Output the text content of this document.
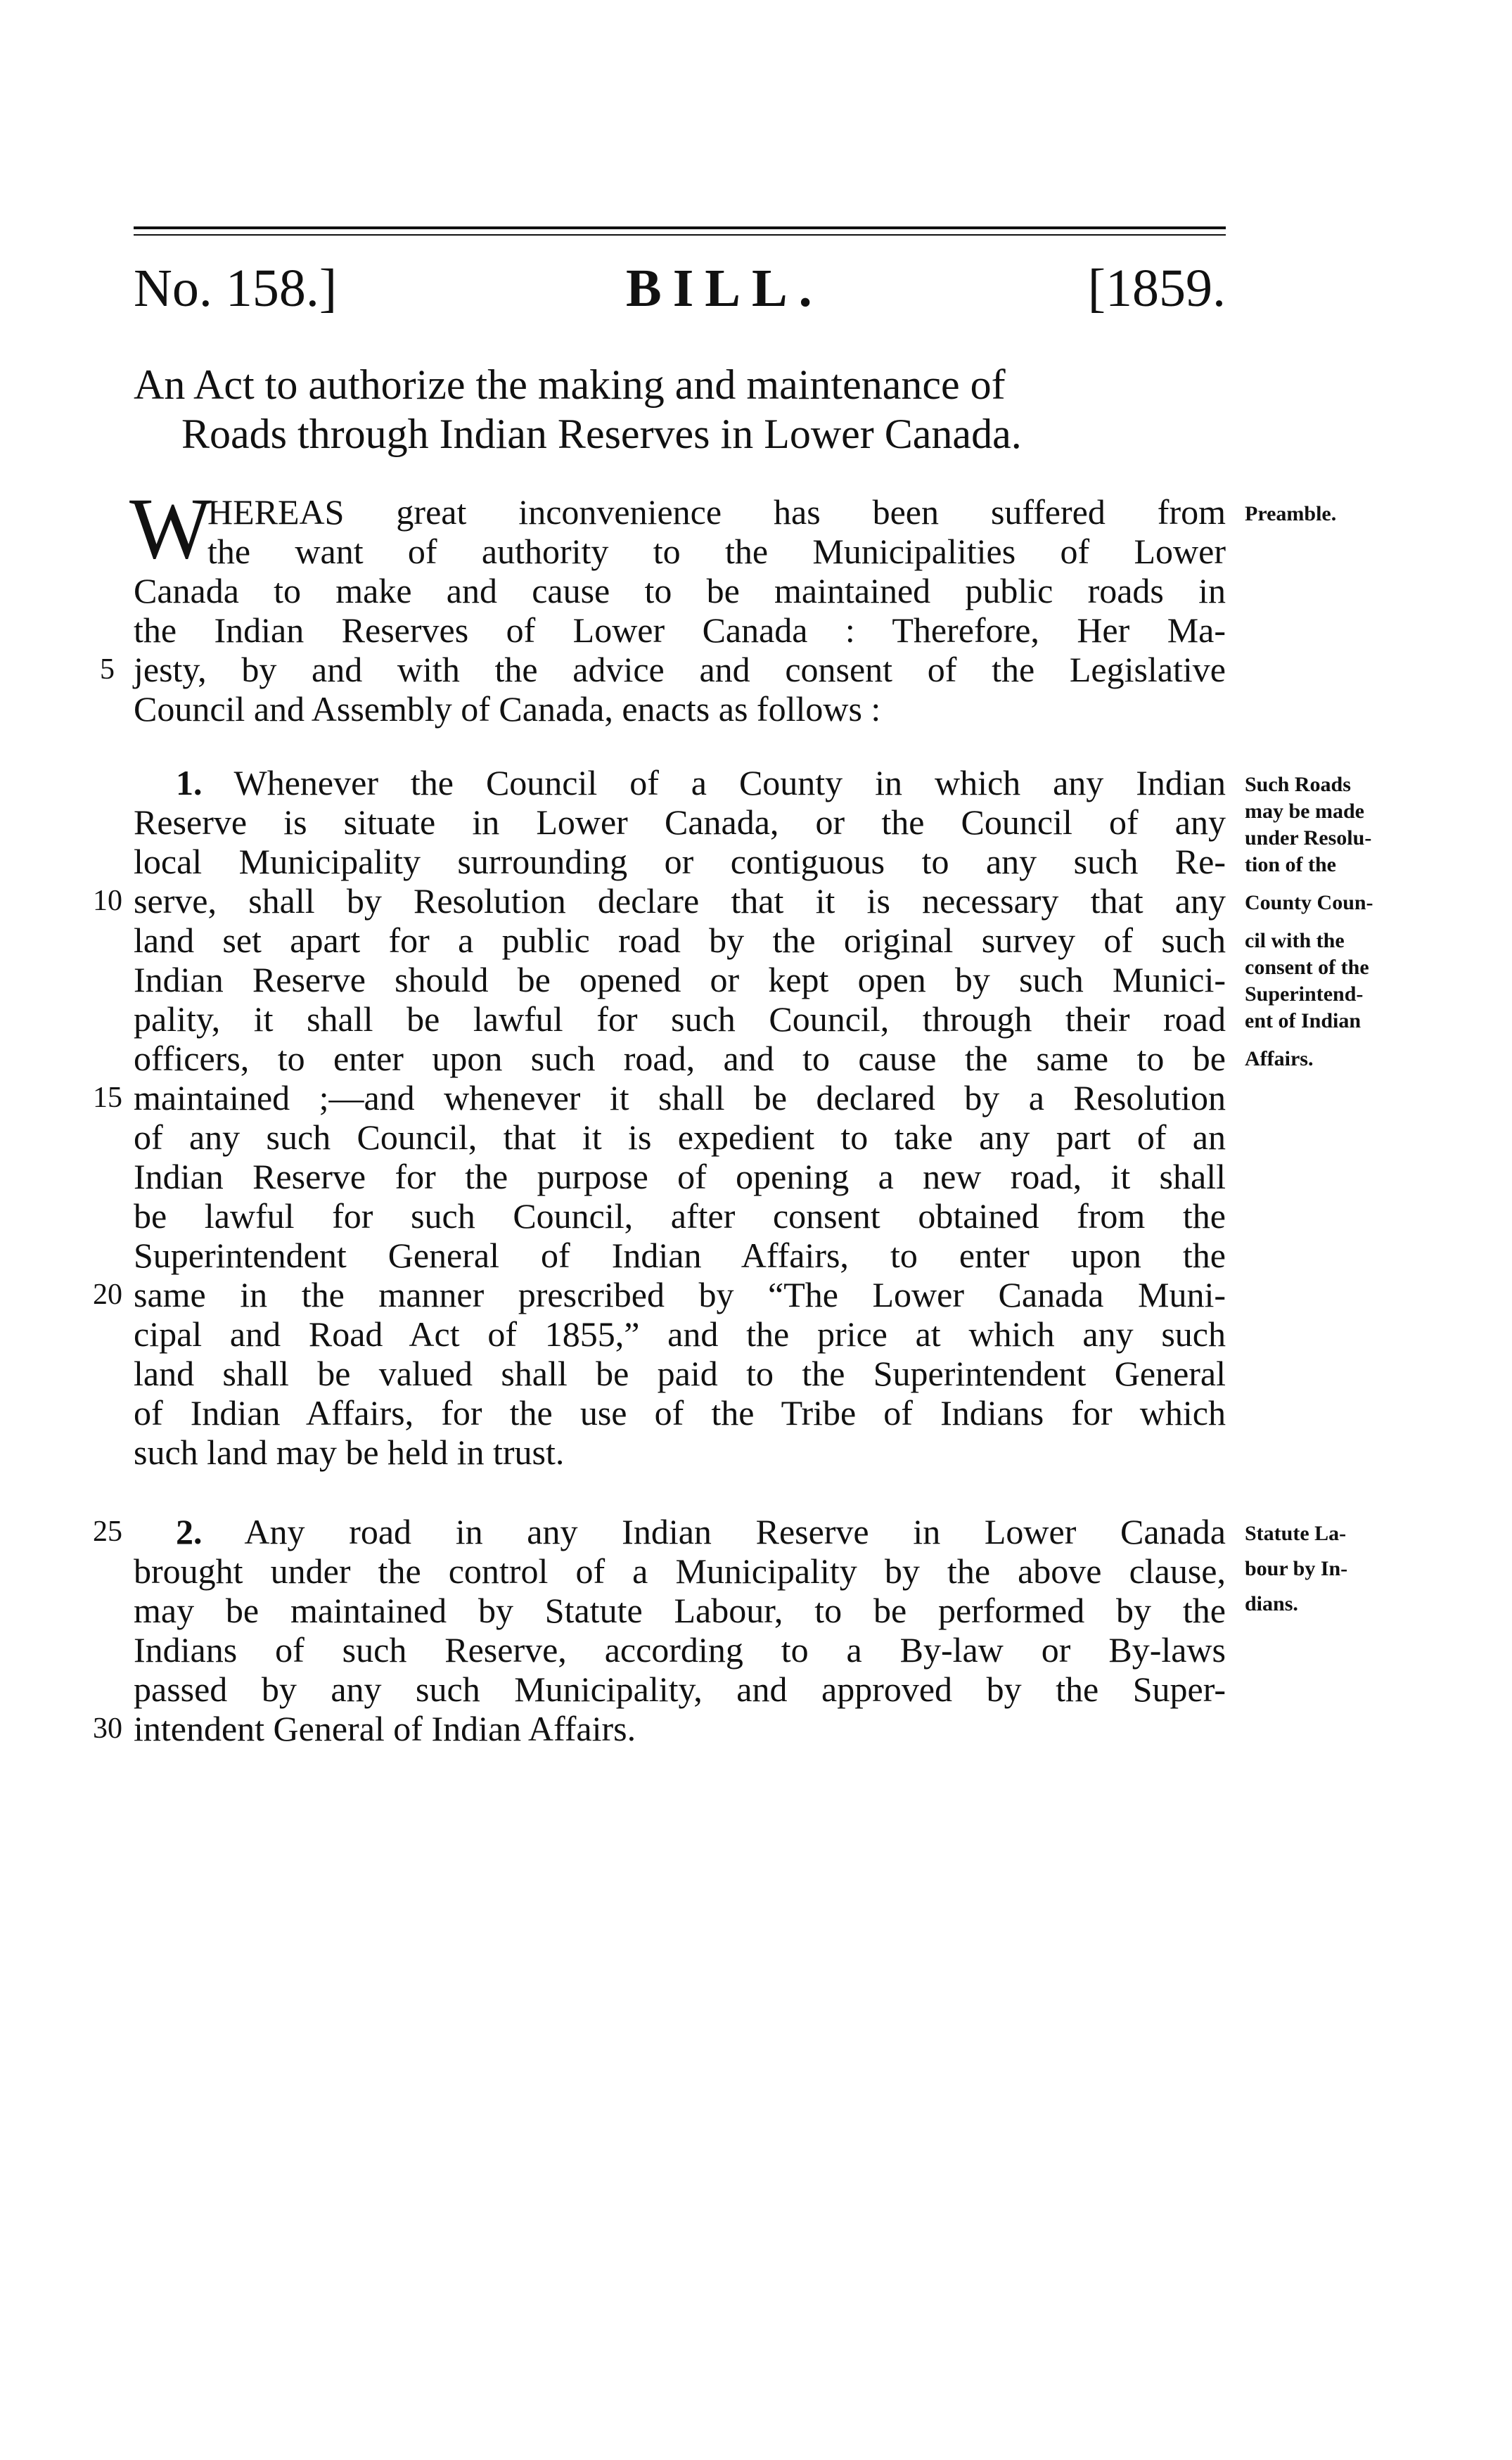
No. 158.]	BILL.	[1859.
An Act to authorize the making and maintenance of
Roads through Indian Reserves in Lower Canada.
W
HEREAS great inconvenience has been suffered from
the want of authority to the Municipalities of Lower
Canada to make and cause to be maintained public roads in
the Indian Reserves of Lower Canada : Therefore, Her Ma-
jesty, by and with the advice and consent of the Legislative
Council and Assembly of Canada, enacts as follows :
Preamble.
1. Whenever the Council of a County in which any Indian
Reserve is situate in Lower Canada, or the Council of any
local Municipality surrounding or contiguous to any such Re-
serve, shall by Resolution declare that it is necessary that any
land set apart for a public road by the original survey of such
Indian Reserve should be opened or kept open by such Munici-
pality, it shall be lawful for such Council, through their road
officers, to enter upon such road, and to cause the same to be
maintained ;—and whenever it shall be declared by a Resolution
of any such Council, that it is expedient to take any part of an
Indian Reserve for the purpose of opening a new road, it shall
be lawful for such Council, after consent obtained from the
Superintendent General of Indian Affairs, to enter upon the
same in the manner prescribed by “The Lower Canada Muni-
cipal and Road Act of 1855,” and the price at which any such
land shall be valued shall be paid to the Superintendent General
of Indian Affairs, for the use of the Tribe of Indians for which
such land may be held in trust.
Such Roads
may be made
under Resolu-
tion of the
County Coun-
cil with the
consent of the
Superintend-
ent of Indian
Affairs.
2. Any road in any Indian Reserve in Lower Canada
brought under the control of a Municipality by the above clause,
may be maintained by Statute Labour, to be performed by the
Indians of such Reserve, according to a By-law or By-laws
passed by any such Municipality, and approved by the Super-
intendent General of Indian Affairs.
Statute La-
bour by In-
dians.
5
10
15
20
25
30
